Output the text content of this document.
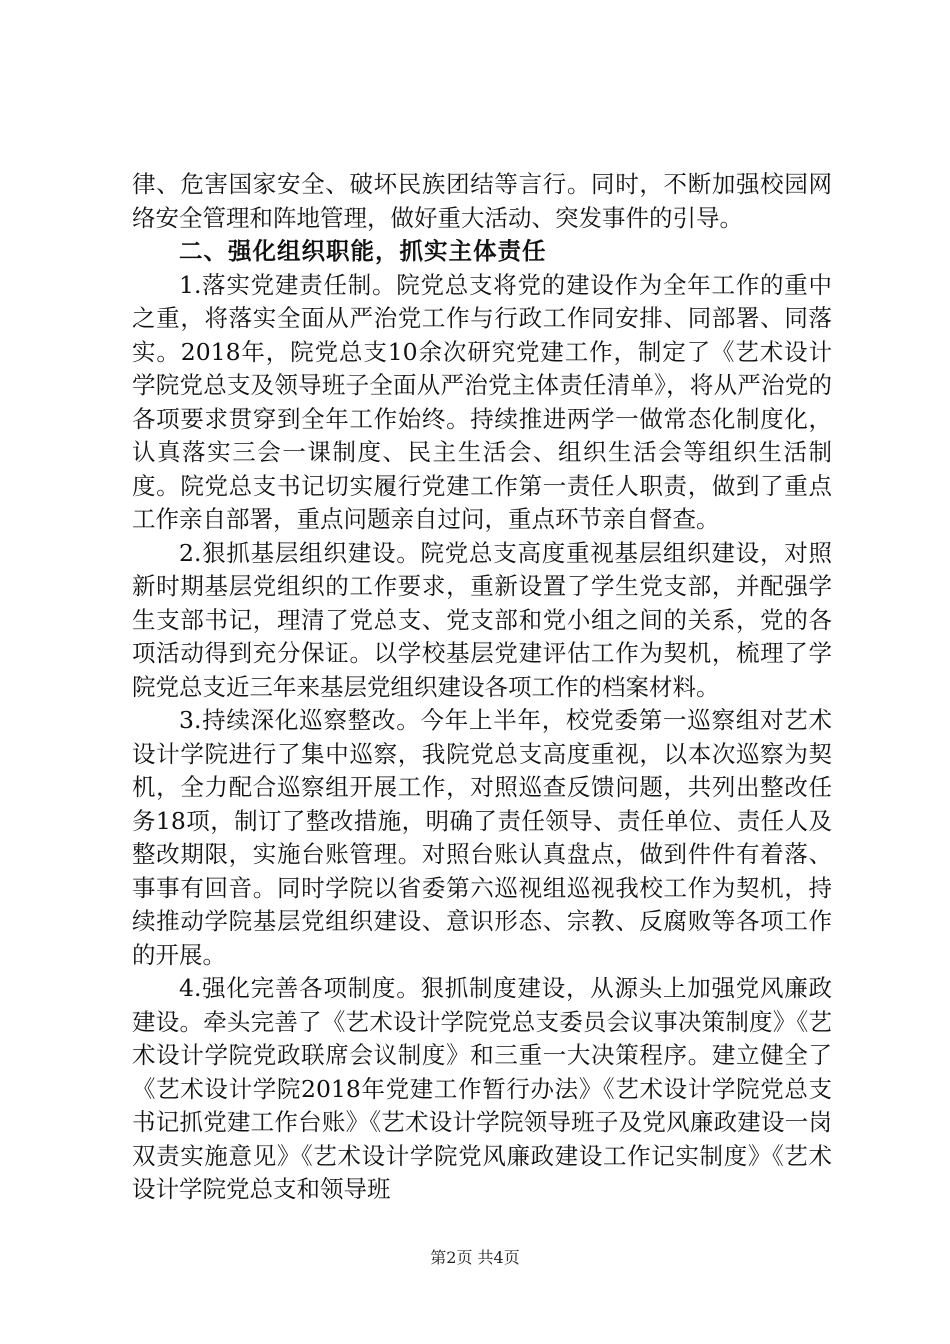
律、危害国家安全、破坏民族团结等言行。同时，不断加强校园网络安全管理和阵地管理，做好重大活动、突发事件的引导。

二、强化组织职能，抓实主体责任

1.落实党建责任制。院党总支将党的建设作为全年工作的重中之重，将落实全面从严治党工作与行政工作同安排、同部署、同落实。2018年，院党总支10余次研究党建工作，制定了《艺术设计学院党总支及领导班子全面从严治党主体责任清单》，将从严治党的各项要求贯穿到全年工作始终。持续推进两学一做常态化制度化，认真落实三会一课制度、民主生活会、组织生活会等组织生活制度。院党总支书记切实履行党建工作第一责任人职责，做到了重点工作亲自部署，重点问题亲自过问，重点环节亲自督查。

2.狠抓基层组织建设。院党总支高度重视基层组织建设，对照新时期基层党组织的工作要求，重新设置了学生党支部，并配强学生支部书记，理清了党总支、党支部和党小组之间的关系，党的各项活动得到充分保证。以学校基层党建评估工作为契机，梳理了学院党总支近三年来基层党组织建设各项工作的档案材料。

3.持续深化巡察整改。今年上半年，校党委第一巡察组对艺术设计学院进行了集中巡察，我院党总支高度重视，以本次巡察为契机，全力配合巡察组开展工作，对照巡查反馈问题，共列出整改任务18项，制订了整改措施，明确了责任领导、责任单位、责任人及整改期限，实施台账管理。对照台账认真盘点，做到件件有着落、事事有回音。同时学院以省委第六巡视组巡视我校工作为契机，持续推动学院基层党组织建设、意识形态、宗教、反腐败等各项工作的开展。

4.强化完善各项制度。狠抓制度建设，从源头上加强党风廉政建设。牵头完善了《艺术设计学院党总支委员会议事决策制度》《艺术设计学院党政联席会议制度》和三重一大决策程序。建立健全了《艺术设计学院2018年党建工作暂行办法》《艺术设计学院党总支书记抓党建工作台账》《艺术设计学院领导班子及党风廉政建设一岗双责实施意见》《艺术设计学院党风廉政建设工作记实制度》《艺术设计学院党总支和领导班

第2页 共4页
